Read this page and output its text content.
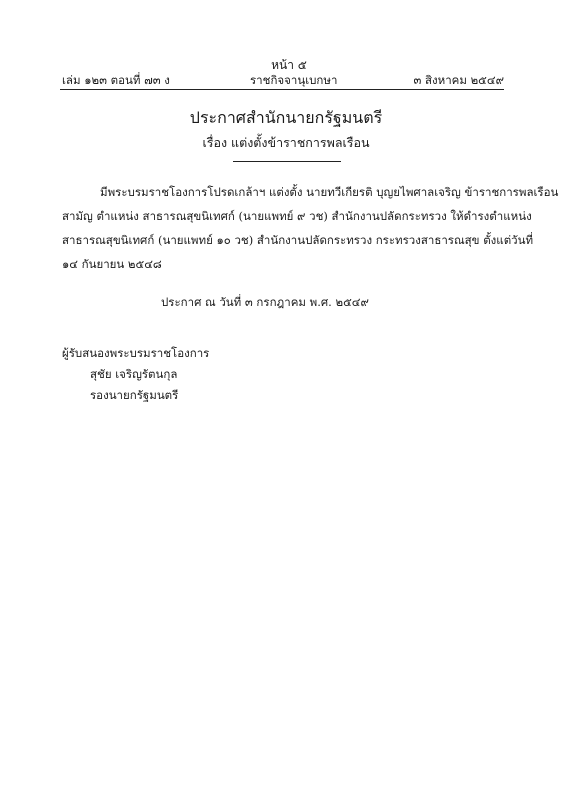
หน้า ๕
เล่ม ๑๒๓ ตอนที่ ๗๓ ง	ราชกิจจานุเบกษา	๓ สิงหาคม ๒๕๔๙
ประกาศสำนักนายกรัฐมนตรี
เรื่อง แต่งตั้งข้าราชการพลเรือน
มีพระบรมราชโองการโปรดเกล้าฯ แต่งตั้ง นายทวีเกียรติ บุญยไพศาลเจริญ ข้าราชการพลเรือน
สามัญ ตำแหน่ง สาธารณสุขนิเทศก์ (นายแพทย์ ๙ วช) สำนักงานปลัดกระทรวง ให้ดำรงตำแหน่ง
สาธารณสุขนิเทศก์ (นายแพทย์ ๑๐ วช) สำนักงานปลัดกระทรวง กระทรวงสาธารณสุข ตั้งแต่วันที่
๑๔ กันยายน ๒๕๔๘
ประกาศ ณ วันที่ ๓ กรกฎาคม พ.ศ. ๒๕๔๙
ผู้รับสนองพระบรมราชโองการ
สุชัย เจริญรัตนกุล
รองนายกรัฐมนตรี
